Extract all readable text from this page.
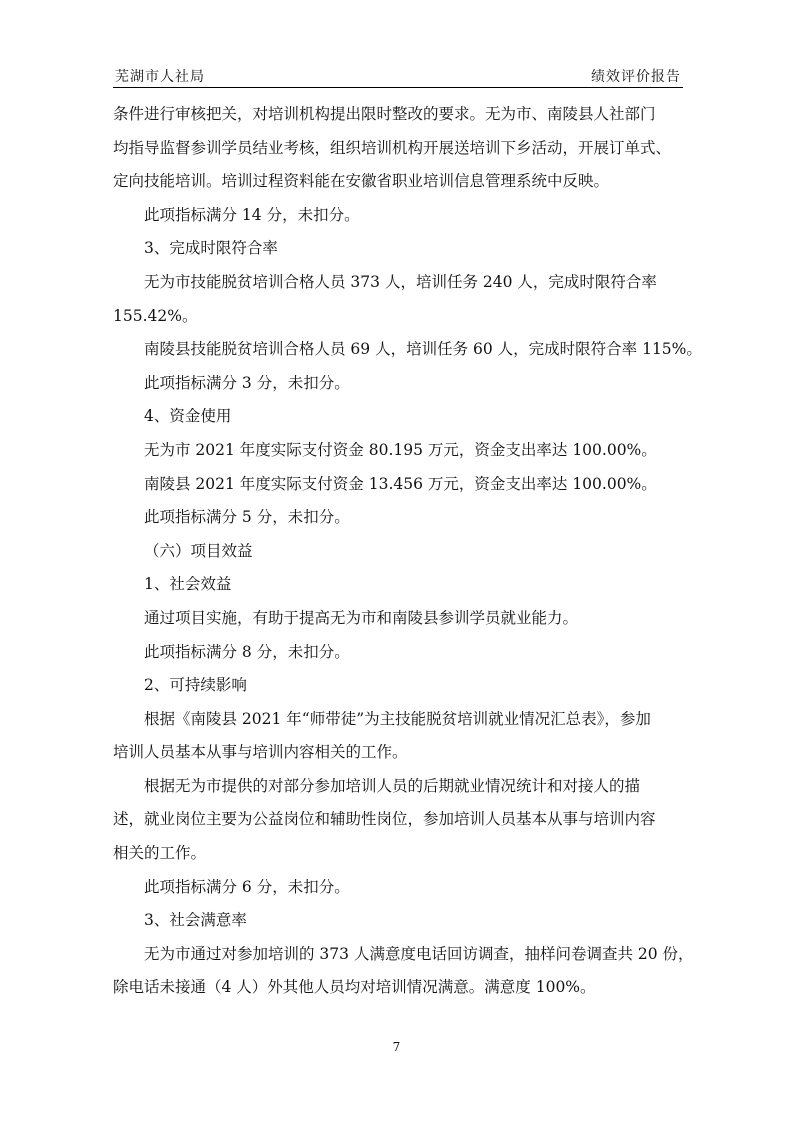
芜湖市人社局	绩效评价报告

条件进行审核把关，对培训机构提出限时整改的要求。无为市、南陵县人社部门

均指导监督参训学员结业考核，组织培训机构开展送培训下乡活动，开展订单式、

定向技能培训。培训过程资料能在安徽省职业培训信息管理系统中反映。

此项指标满分 14 分，未扣分。

3、完成时限符合率

无为市技能脱贫培训合格人员 373 人，培训任务 240 人，完成时限符合率

155.42%。

南陵县技能脱贫培训合格人员 69 人，培训任务 60 人，完成时限符合率 115%。

此项指标满分 3 分，未扣分。

4、资金使用

无为市 2021 年度实际支付资金 80.195 万元，资金支出率达 100.00%。

南陵县 2021 年度实际支付资金 13.456 万元，资金支出率达 100.00%。

此项指标满分 5 分，未扣分。

（六）项目效益

1、社会效益

通过项目实施，有助于提高无为市和南陵县参训学员就业能力。

此项指标满分 8 分，未扣分。

2、可持续影响

根据《南陵县 2021 年“师带徒”为主技能脱贫培训就业情况汇总表》，参加

培训人员基本从事与培训内容相关的工作。

根据无为市提供的对部分参加培训人员的后期就业情况统计和对接人的描

述，就业岗位主要为公益岗位和辅助性岗位，参加培训人员基本从事与培训内容

相关的工作。

此项指标满分 6 分，未扣分。

3、社会满意率

无为市通过对参加培训的 373 人满意度电话回访调查，抽样问卷调查共 20 份，

除电话未接通（4 人）外其他人员均对培训情况满意。满意度 100%。

7
